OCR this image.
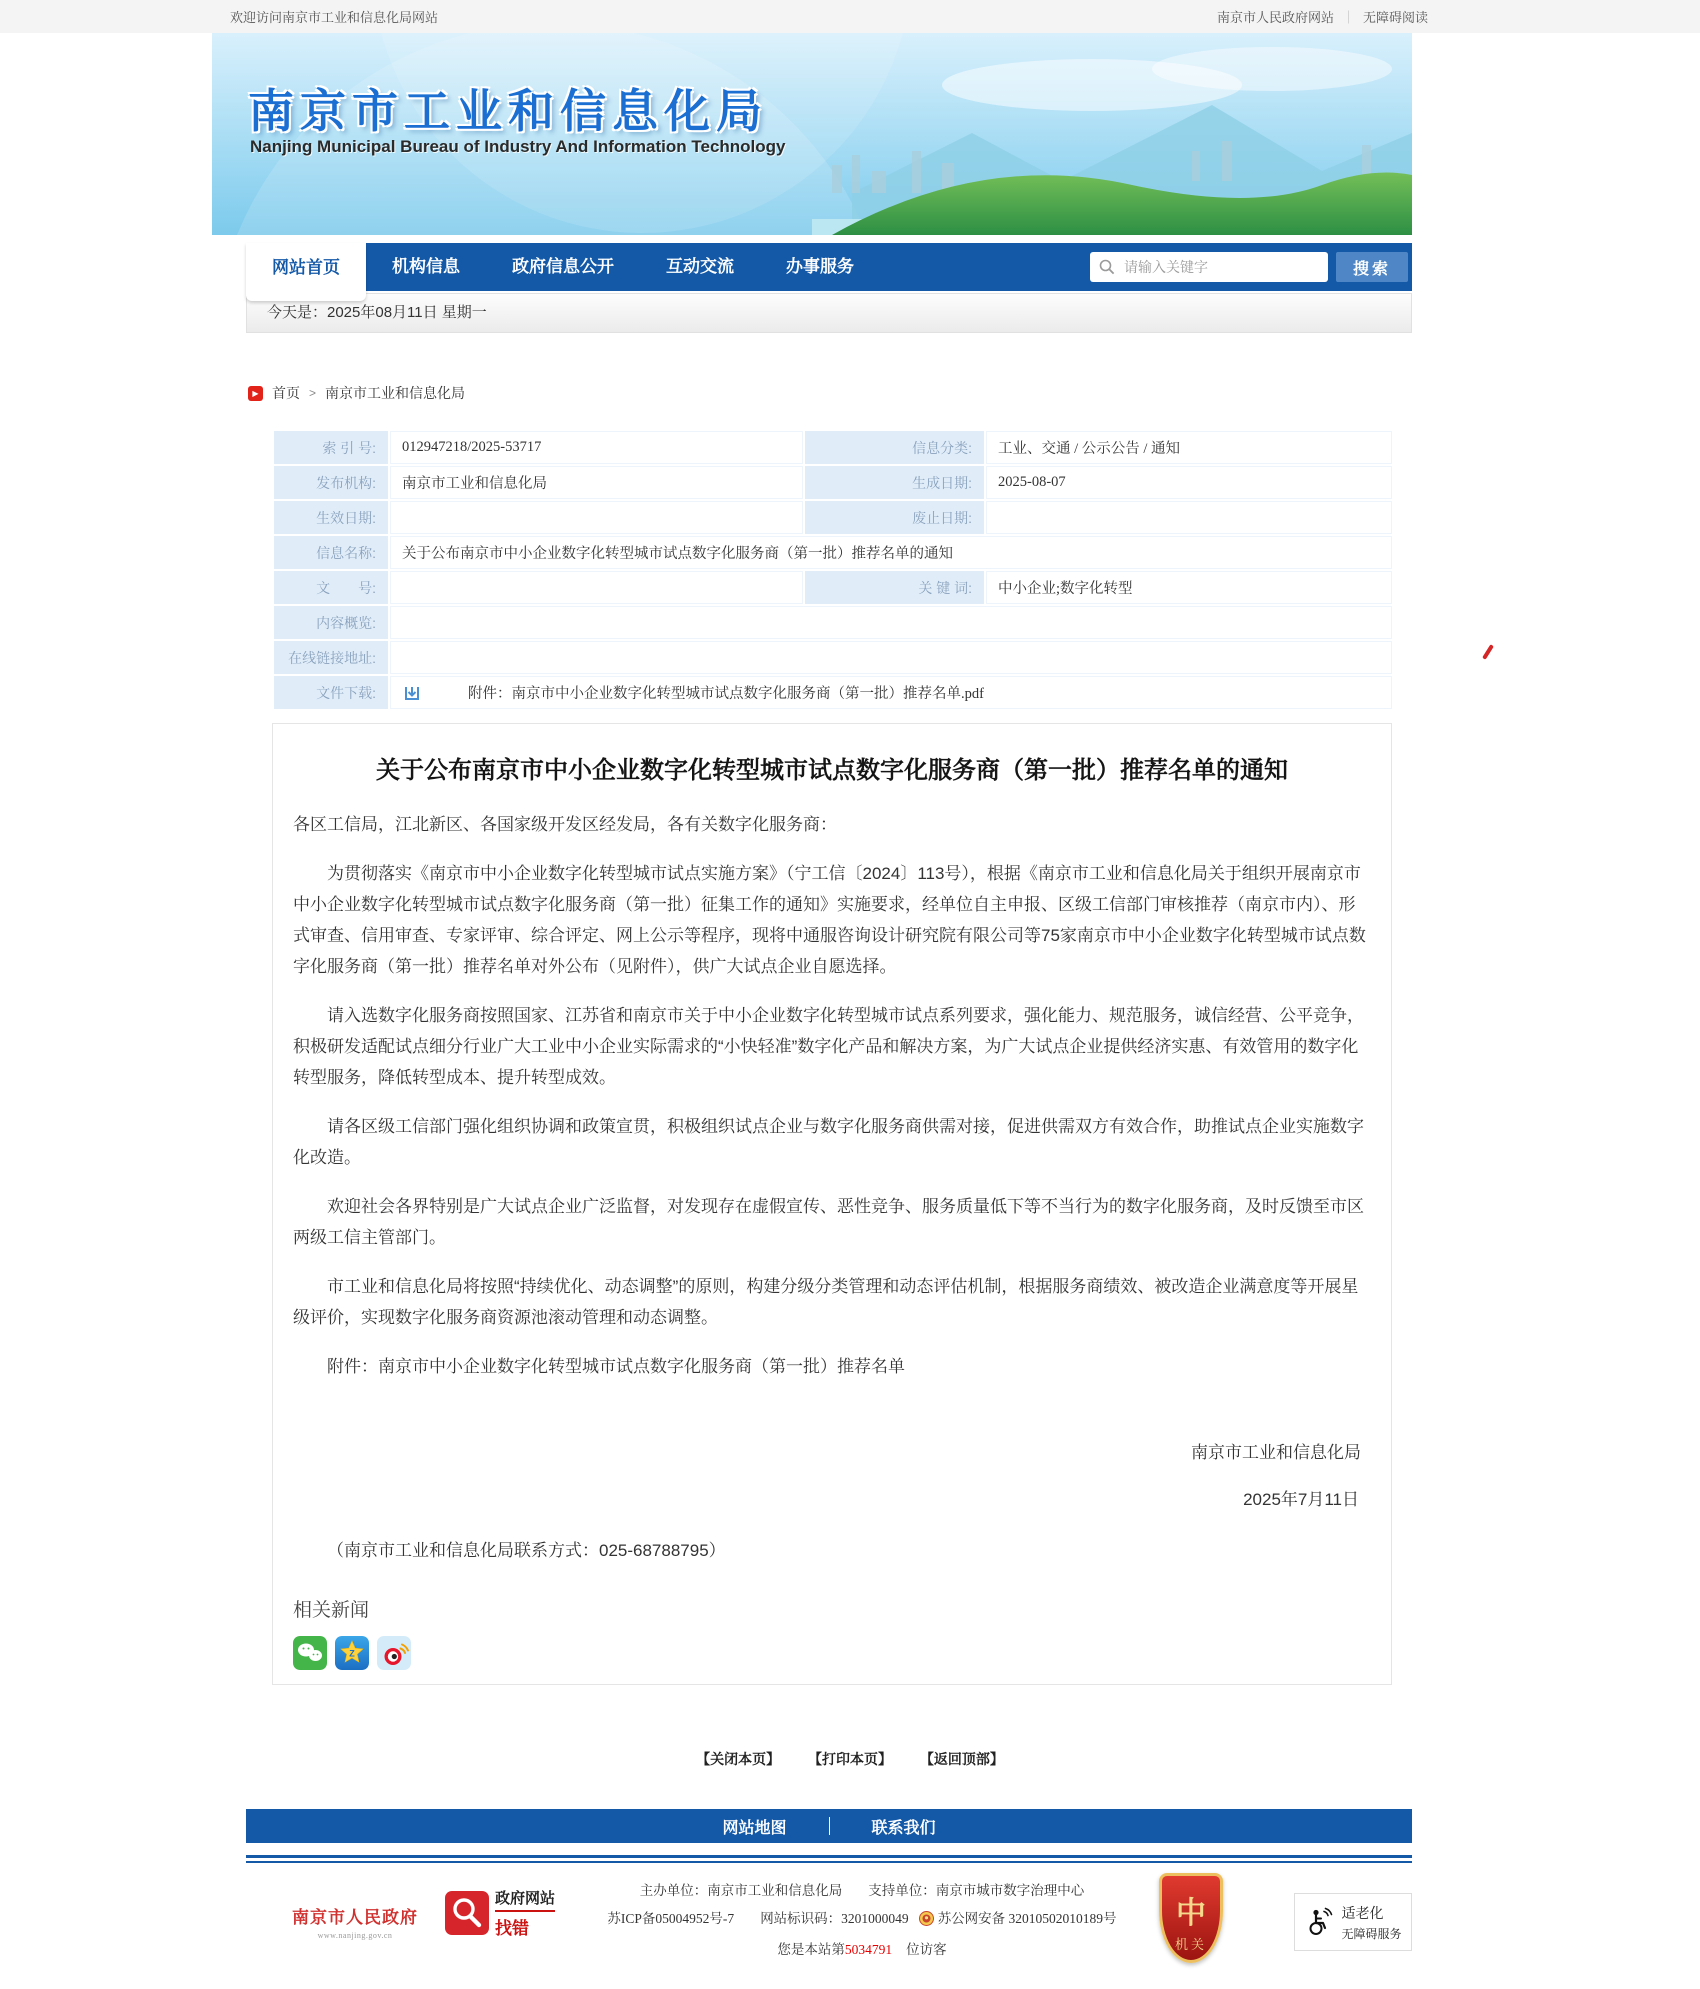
欢迎访问南京市工业和信息化局网站	南京市人民政府网站 ｜ 无障碍阅读
南京市工业和信息化局
Nanjing Municipal Bureau of Industry And Information Technology
网站首页	机构信息	政府信息公开	互动交流	办事服务
请输入关键字	搜索
今天是：2025年08月11日 星期一
▶ 首页 > 南京市工业和信息化局
索 引 号:	012947218/2025-53717	信息分类:	工业、交通 / 公示公告 / 通知
发布机构:	南京市工业和信息化局	生成日期:	2025-08-07
生效日期:		废止日期:	
信息名称:	关于公布南京市中小企业数字化转型城市试点数字化服务商（第一批）推荐名单的通知		
文　　号:		关 键 词:	中小企业;数字化转型
内容概览:			
在线链接地址:			
文件下载:	附件：南京市中小企业数字化转型城市试点数字化服务商（第一批）推荐名单.pdf		
关于公布南京市中小企业数字化转型城市试点数字化服务商（第一批）推荐名单的通知
各区工信局，江北新区、各国家级开发区经发局，各有关数字化服务商：

为贯彻落实《南京市中小企业数字化转型城市试点实施方案》（宁工信〔2024〕113号），根据《南京市工业和信息化局关于组织开展南京市中小企业数字化转型城市试点数字化服务商（第一批）征集工作的通知》实施要求，经单位自主申报、区级工信部门审核推荐（南京市内）、形式审查、信用审查、专家评审、综合评定、网上公示等程序，现将中通服咨询设计研究院有限公司等75家南京市中小企业数字化转型城市试点数字化服务商（第一批）推荐名单对外公布（见附件），供广大试点企业自愿选择。

请入选数字化服务商按照国家、江苏省和南京市关于中小企业数字化转型城市试点系列要求，强化能力、规范服务，诚信经营、公平竞争，积极研发适配试点细分行业广大工业中小企业实际需求的“小快轻准”数字化产品和解决方案，为广大试点企业提供经济实惠、有效管用的数字化转型服务，降低转型成本、提升转型成效。

请各区级工信部门强化组织协调和政策宣贯，积极组织试点企业与数字化服务商供需对接，促进供需双方有效合作，助推试点企业实施数字化改造。

欢迎社会各界特别是广大试点企业广泛监督，对发现存在虚假宣传、恶性竞争、服务质量低下等不当行为的数字化服务商，及时反馈至市区两级工信主管部门。

市工业和信息化局将按照“持续优化、动态调整”的原则，构建分级分类管理和动态评估机制，根据服务商绩效、被改造企业满意度等开展星级评价，实现数字化服务商资源池滚动管理和动态调整。

附件：南京市中小企业数字化转型城市试点数字化服务商（第一批）推荐名单

南京市工业和信息化局
2025年7月11日
（南京市工业和信息化局联系方式：025-68788795）
相关新闻
Z
【关闭本页】 【打印本页】 【返回顶部】
网站地图	联系我们
南京市人民政府
www.nanjing.gov.cn
政府网站
找错
主办单位：南京市工业和信息化局 支持单位：南京市城市数字治理中心
苏ICP备05004952号-7 网站标识码：3201000049 苏公网安备 32010502010189号
您是本站第5034791 位访客
中
机关
适老化
无障碍服务
